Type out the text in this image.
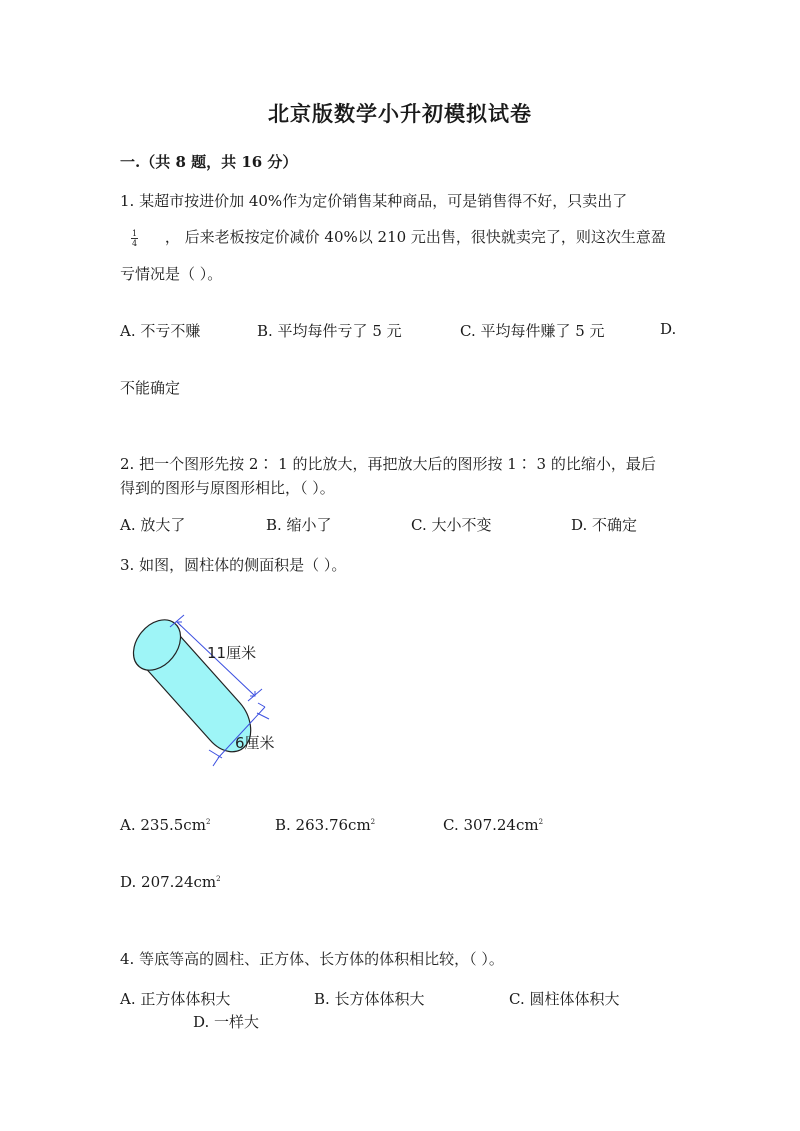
北京版数学小升初模拟试卷
一.（共 8 题，共 16 分）
1. 某超市按进价加 40%作为定价销售某种商品，可是销售得不好，只卖出了
$\frac{1}{4}$ ， 后来老板按定价减价 40%以 210 元出售，很快就卖完了，则这次生意盈
亏情况是（ ）。
A. 不亏不赚	B. 平均每件亏了 5 元	C. 平均每件赚了 5 元	D.
不能确定
2. 把一个图形先按 2∶ 1 的比放大，再把放大后的图形按 1∶ 3 的比缩小，最后
得到的图形与原图形相比，（ ）。
A. 放大了	B. 缩小了	C. 大小不变	D. 不确定
3. 如图，圆柱体的侧面积是（ ）。
11厘米
6厘米
A. $235.5cm^2$	B. $263.76cm^2$	C. $307.24cm^2$
D. $207.24cm^2$
4. 等底等高的圆柱、正方体、长方体的体积相比较，（ ）。
A. 正方体体积大	B. 长方体体积大	C. 圆柱体体积大
D. 一样大
